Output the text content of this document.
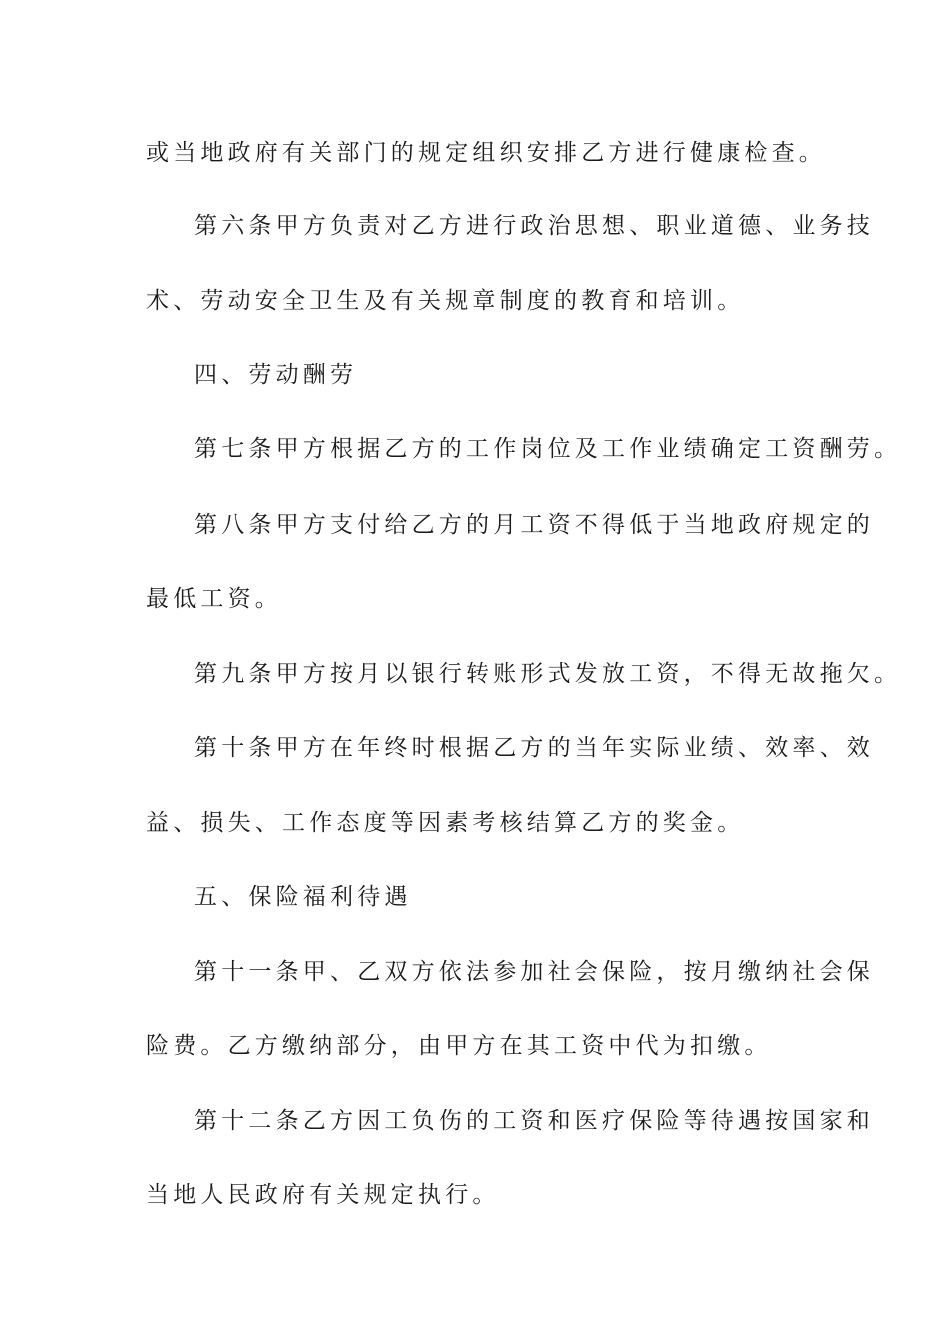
或当地政府有关部门的规定组织安排乙方进行健康检查。
第六条甲方负责对乙方进行政治思想、职业道德、业务技
术、劳动安全卫生及有关规章制度的教育和培训。
四、劳动酬劳
第七条甲方根据乙方的工作岗位及工作业绩确定工资酬劳。
第八条甲方支付给乙方的月工资不得低于当地政府规定的
最低工资。
第九条甲方按月以银行转账形式发放工资，不得无故拖欠。
第十条甲方在年终时根据乙方的当年实际业绩、效率、效
益、损失、工作态度等因素考核结算乙方的奖金。
五、保险福利待遇
第十一条甲、乙双方依法参加社会保险，按月缴纳社会保
险费。乙方缴纳部分，由甲方在其工资中代为扣缴。
第十二条乙方因工负伤的工资和医疗保险等待遇按国家和
当地人民政府有关规定执行。
